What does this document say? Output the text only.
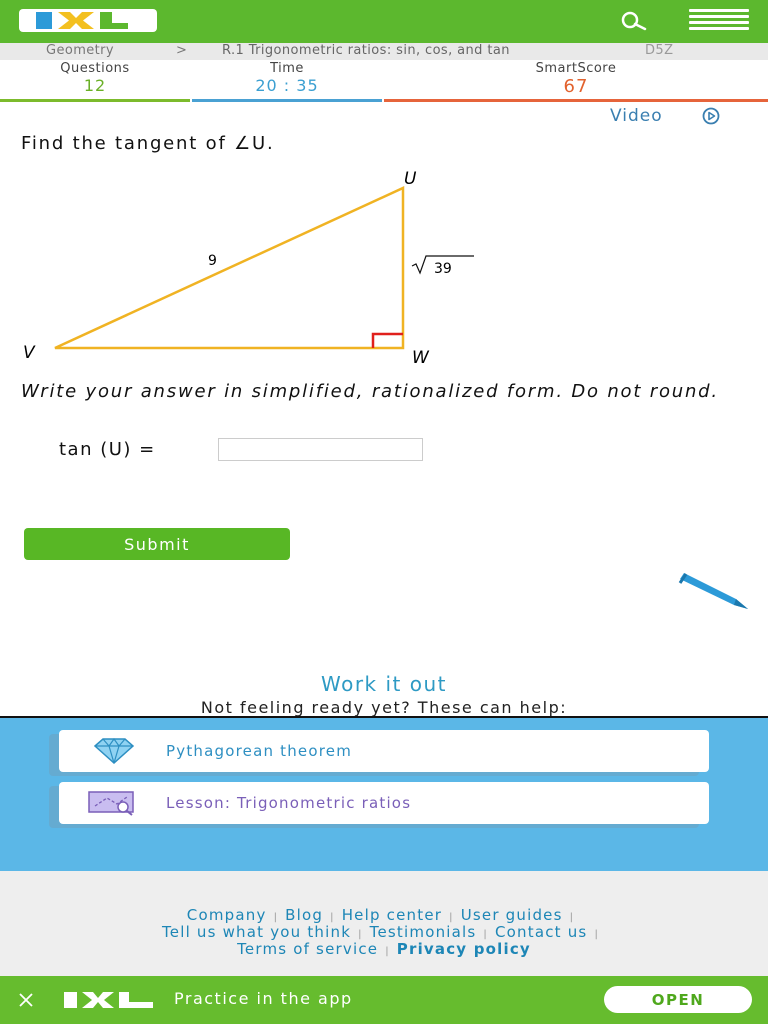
Geometry	>	R.1 Trigonometric ratios: sin, cos, and tan	D5Z
Questions
12
Time
20 : 35
SmartScore
67
Video
Find the tangent of ∠U.
U
V	W
9	39
Write your answer in simplified, rationalized form. Do not round.
tan (U) =
Submit
Work it out
Not feeling ready yet? These can help:
Pythagorean theorem
Lesson: Trigonometric ratios
Company | Blog | Help center | User guides |
Tell us what you think | Testimonials | Contact us |
Terms of service | Privacy policy
Practice in the app	OPEN
